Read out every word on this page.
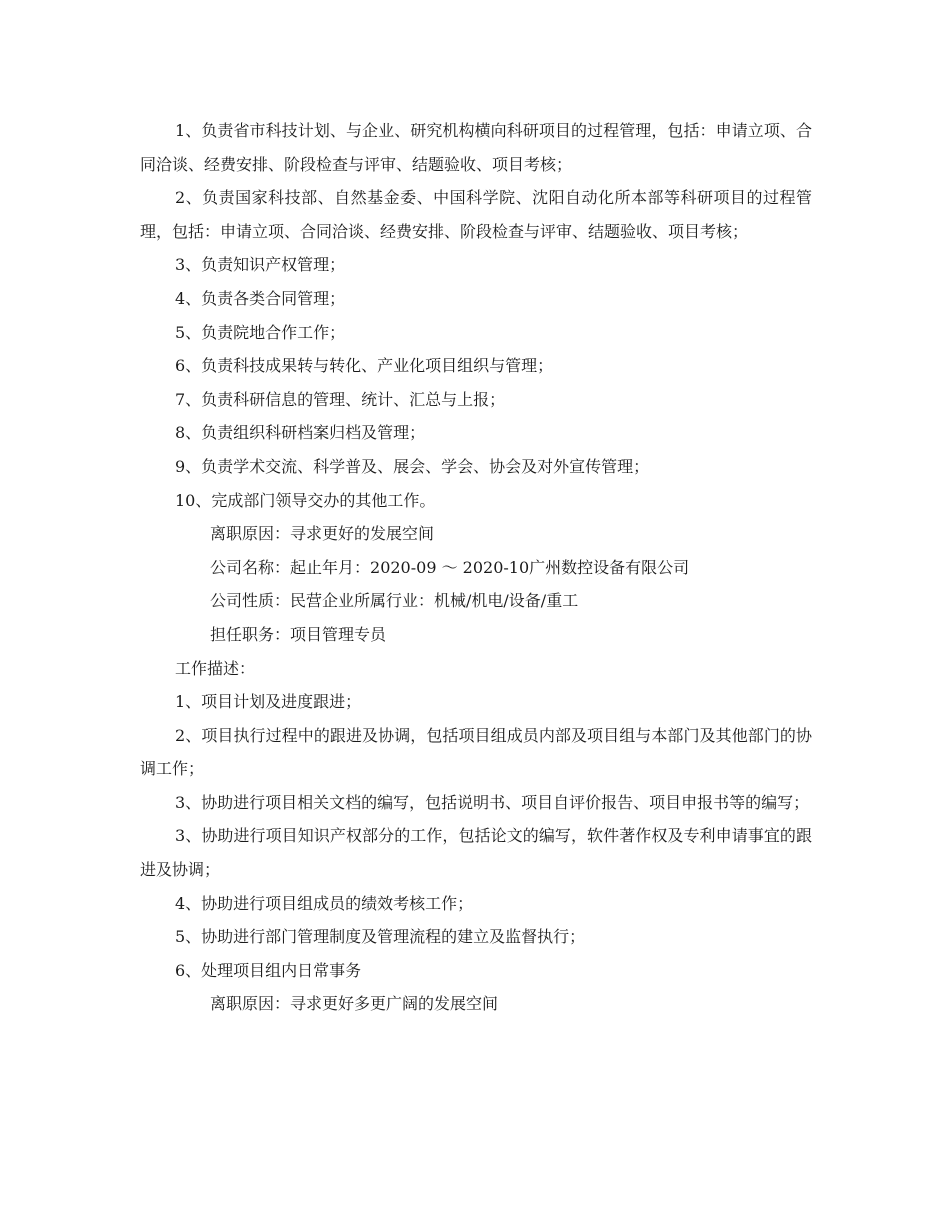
1、负责省市科技计划、与企业、研究机构横向科研项目的过程管理，包括：申请立项、合同洽谈、经费安排、阶段检查与评审、结题验收、项目考核；

2、负责国家科技部、自然基金委、中国科学院、沈阳自动化所本部等科研项目的过程管理，包括：申请立项、合同洽谈、经费安排、阶段检查与评审、结题验收、项目考核；

3、负责知识产权管理；

4、负责各类合同管理；

5、负责院地合作工作；

6、负责科技成果转与转化、产业化项目组织与管理；

7、负责科研信息的管理、统计、汇总与上报；

8、负责组织科研档案归档及管理；

9、负责学术交流、科学普及、展会、学会、协会及对外宣传管理；

10、完成部门领导交办的其他工作。

离职原因：寻求更好的发展空间

公司名称：起止年月：2020-09 ～ 2020-10广州数控设备有限公司

公司性质：民营企业所属行业：机械/机电/设备/重工

担任职务：项目管理专员

工作描述：

1、项目计划及进度跟进；

2、项目执行过程中的跟进及协调，包括项目组成员内部及项目组与本部门及其他部门的协调工作；

3、协助进行项目相关文档的编写，包括说明书、项目自评价报告、项目申报书等的编写；

3、协助进行项目知识产权部分的工作，包括论文的编写，软件著作权及专利申请事宜的跟进及协调；

4、协助进行项目组成员的绩效考核工作；

5、协助进行部门管理制度及管理流程的建立及监督执行；

6、处理项目组内日常事务

离职原因：寻求更好多更广阔的发展空间
